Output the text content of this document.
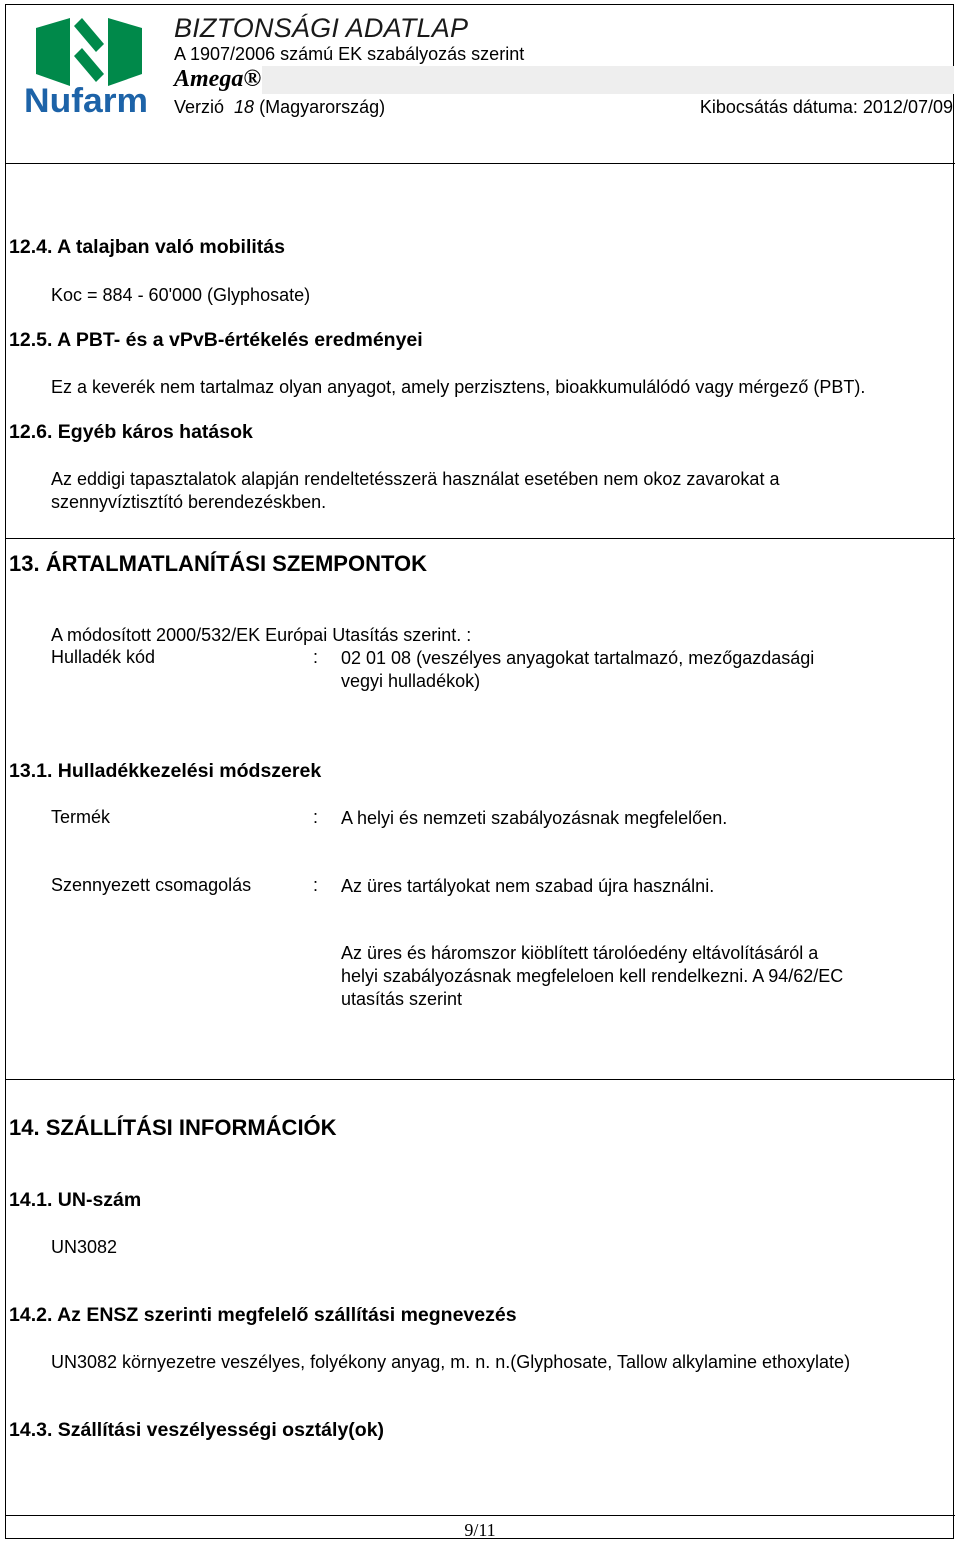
Nufarm
BIZTONSÁGI ADATLAP
A 1907/2006 számú EK szabályozás szerint
Amega®
Verzió 18 (Magyarország)	Kibocsátás dátuma: 2012/07/09
12.4. A talajban való mobilitás
Koc = 884 - 60'000 (Glyphosate)
12.5. A PBT- és a vPvB-értékelés eredményei
Ez a keverék nem tartalmaz olyan anyagot, amely perzisztens, bioakkumulálódó vagy mérgező (PBT).
12.6. Egyéb káros hatások
Az eddigi tapasztalatok alapján rendeltetésszerä használat esetében nem okoz zavarokat a
szennyvíztisztító berendezéskben.
13. ÁRTALMATLANÍTÁSI SZEMPONTOK
A módosított 2000/532/EK Európai Utasítás szerint. :
Hulladék kód	: 02 01 08 (veszélyes anyagokat tartalmazó, mezőgazdasági
vegyi hulladékok)
13.1. Hulladékkezelési módszerek
Termék	: A helyi és nemzeti szabályozásnak megfelelően.
Szennyezett csomagolás	: Az üres tartályokat nem szabad újra használni.
Az üres és háromszor kiöblített tárolóedény eltávolításáról a
helyi szabályozásnak megfeleloen kell rendelkezni. A 94/62/EC
utasítás szerint
14. SZÁLLÍTÁSI INFORMÁCIÓK
14.1. UN-szám
UN3082
14.2. Az ENSZ szerinti megfelelő szállítási megnevezés
UN3082 környezetre veszélyes, folyékony anyag, m. n. n.(Glyphosate, Tallow alkylamine ethoxylate)
14.3. Szállítási veszélyességi osztály(ok)
9/11
